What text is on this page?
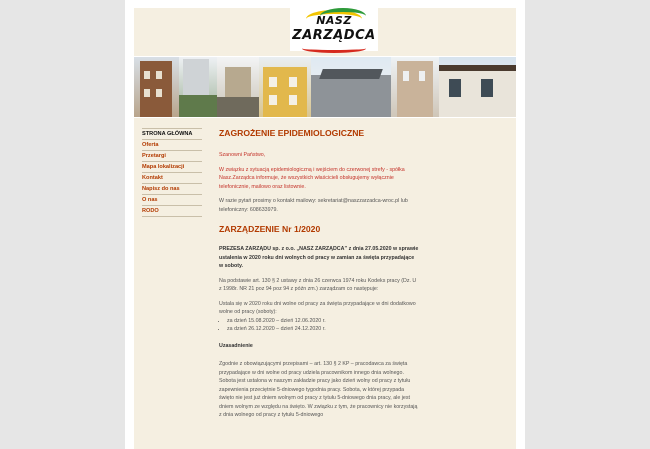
NASZ
ZARZĄDCA
STRONA GŁÓWNA
Oferta
Przetargi
Mapa lokalizacji
Kontakt
Napisz do nas
O nas
RODO
ZAGROŻENIE EPIDEMIOLOGICZNE
Szanowni Państwo,
W związku z sytuacją epidemiologiczną i wejściem do czerwonej strefy - spółka Nasz.Zarządca informuje, że wszystkich właścicieli obsługujemy wyłącznie telefonicznie, mailowo oraz listownie.
W razie pytań prosimy o kontakt mailowy: sekretariat@naszzarzadca-wroc.pl lub telefoniczny: 608633979.
ZARZĄDZENIE Nr 1/2020
PREZESA ZARZĄDU sp. z o.o. „NASZ ZARZĄDCA” z dnia 27.05.2020 w sprawie ustalenia w 2020 roku dni wolnych od pracy w zamian za święta przypadające w soboty.
Na podstawie art. 130 § 2 ustawy z dnia 26 czerwca 1974 roku Kodeks pracy (Dz. U z 1998r. NR 21 poz 94 poz 94 z późn zm.) zarządzam co następuje:
Ustala się w 2020 roku dni wolne od pracy za święta przypadające w dni dodatkowo wolne od pracy (soboty):
• za dzień 15.08.2020 – dzień 12.06.2020 r.
• za dzień 26.12.2020 – dzień 24.12.2020 r.
Uzasadnienie
Zgodnie z obowiązującymi przepisami – art. 130 § 2 KP – pracodawca za święta przypadające w dni wolne od pracy udziela pracownikom innego dnia wolnego. Sobota jest ustalona w naszym zakładzie pracy jako dzień wolny od pracy z tytułu zapewnienia przeciętnie 5-dniowego tygodnia pracy. Sobota, w której przypada święto nie jest już dniem wolnym od pracy z tytułu 5-dniowego dnia pracy, ale jest dniem wolnym ze względu na święto. W związku z tym, że pracownicy nie korzystają z dnia wolnego od pracy z tytułu 5-dniowego
